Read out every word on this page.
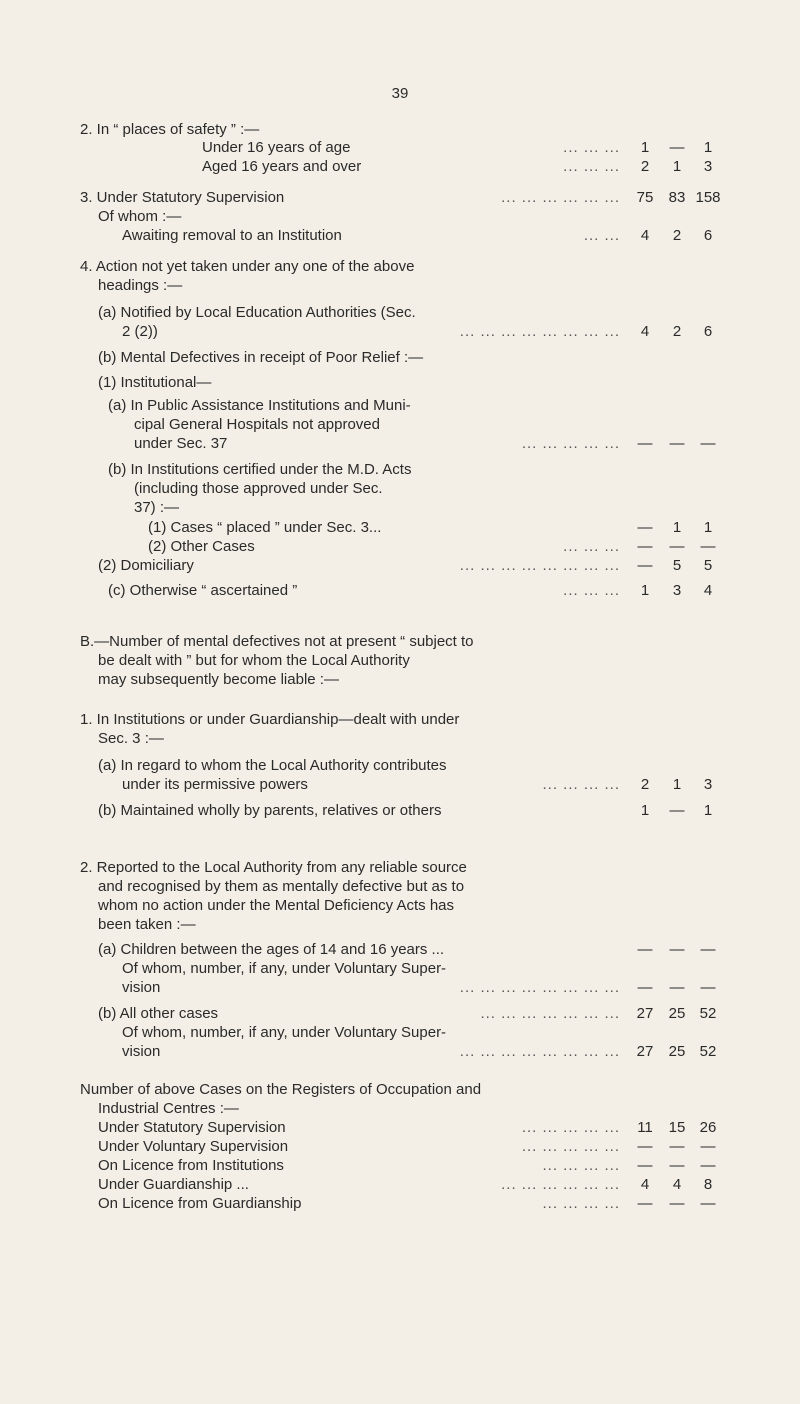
39
2. In “ places of safety ” :—
Under 16 years of age	... ... ...	1	—	1
Aged 16 years and over	... ... ...	2	1	3
3. Under Statutory Supervision	... ... ... ... ... ...	75	83 158
Of whom :—
Awaiting removal to an Institution	... ...	4	2	6
4. Action not yet taken under any one of the above
headings :—
(a) Notified by Local Education Authorities (Sec.
2 (2))	... ... ... ... ... ... ... ...	4	2	6
(b) Mental Defectives in receipt of Poor Relief :—
(1) Institutional—
(a) In Public Assistance Institutions and Muni-
cipal General Hospitals not approved
under Sec. 37	... ... ... ... ...	—	—	—
(b) In Institutions certified under the M.D. Acts
(including those approved under Sec.
37) :—
(1) Cases “ placed ” under Sec. 3...	—	1	1
(2) Other Cases	... ... ...	—	—	—
(2) Domiciliary	... ... ... ... ... ... ... ...	—	5	5
(c) Otherwise “ ascertained ”	... ... ...	1	3	4
B.—Number of mental defectives not at present “ subject to
be dealt with ” but for whom the Local Authority
may subsequently become liable :—
1. In Institutions or under Guardianship—dealt with under
Sec. 3 :—
(a) In regard to whom the Local Authority contributes
under its permissive powers	... ... ... ...	2	1	3
(b) Maintained wholly by parents, relatives or others	1	—	1
2. Reported to the Local Authority from any reliable source
and recognised by them as mentally defective but as to
whom no action under the Mental Deficiency Acts has
been taken :—
(a) Children between the ages of 14 and 16 years ...	—	—	—
Of whom, number, if any, under Voluntary Super-
vision	... ... ... ... ... ... ... ...	—	—	—
(b) All other cases	... ... ... ... ... ... ...	27	25 52
Of whom, number, if any, under Voluntary Super-
vision	... ... ... ... ... ... ... ...	27	25 52
Number of above Cases on the Registers of Occupation and
Industrial Centres :—
Under Statutory Supervision	... ... ... ... ...	11	15 26
Under Voluntary Supervision	... ... ... ... ...	—	—	—
On Licence from Institutions	... ... ... ...	—	—	—
Under Guardianship ...	... ... ... ... ... ...	4	4	8
On Licence from Guardianship	... ... ... ...	—	—	—
